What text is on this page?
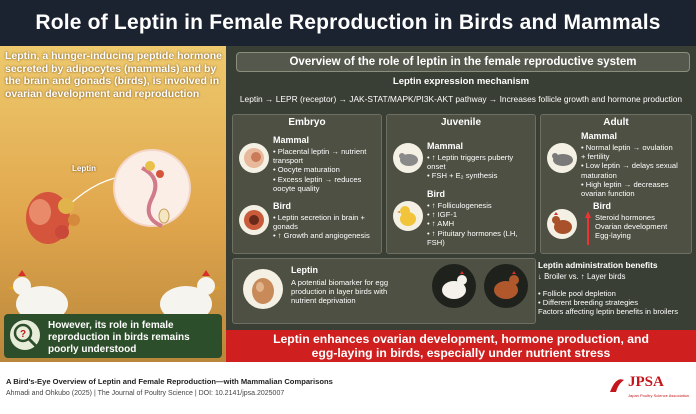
Role of Leptin in Female Reproduction in Birds and Mammals
Leptin, a hunger-inducing peptide hormone secreted by adipocytes (mammals) and by the brain and gonads (birds), is involved in ovarian development and reproduction
Leptin
?
However, its role in female reproduction in birds remains poorly understood
Overview of the role of leptin in the female reproductive system
Leptin expression mechanism
Leptin → LEPR (receptor) → JAK-STAT/MAPK/PI3K-AKT pathway → Increases follicle growth and hormone production
Embryo
Mammal
• Placental leptin → nutrient
transport
• Oocyte maturation
• Excess leptin → reduces
oocyte quality
Bird
• Leptin secretion in brain +
gonads
• ↑ Growth and angiogenesis
Juvenile
Mammal
• ↑ Leptin triggers puberty
onset
• FSH + E₂ synthesis
Bird
• ↑ Folliculogenesis
• ↑ IGF-1
• ↑ AMH
• ↑ Pituitary hormones (LH,
FSH)
Adult
Mammal
• Normal leptin → ovulation
+ fertility
• Low leptin → delays sexual
maturation
• High leptin → decreases
ovarian function
Bird
Steroid hormones
Ovarian development
Egg-laying
Leptin
A potential biomarker for egg
production in layer birds with
nutrient deprivation
Leptin administration benefits
↓ Broiler vs. ↑ Layer birds
• Follicle pool depletion
• Different breeding strategies
Factors affecting leptin benefits in broilers
Leptin enhances ovarian development, hormone production, and
egg-laying in birds, especially under nutrient stress
A Bird's-Eye Overview of Leptin and Female Reproduction—with Mammalian Comparisons
Ahmadi and Ohkubo (2025) | The Journal of Poultry Science | DOI: 10.2141/jpsa.2025007
JPSA
Japan Poultry Science Association
